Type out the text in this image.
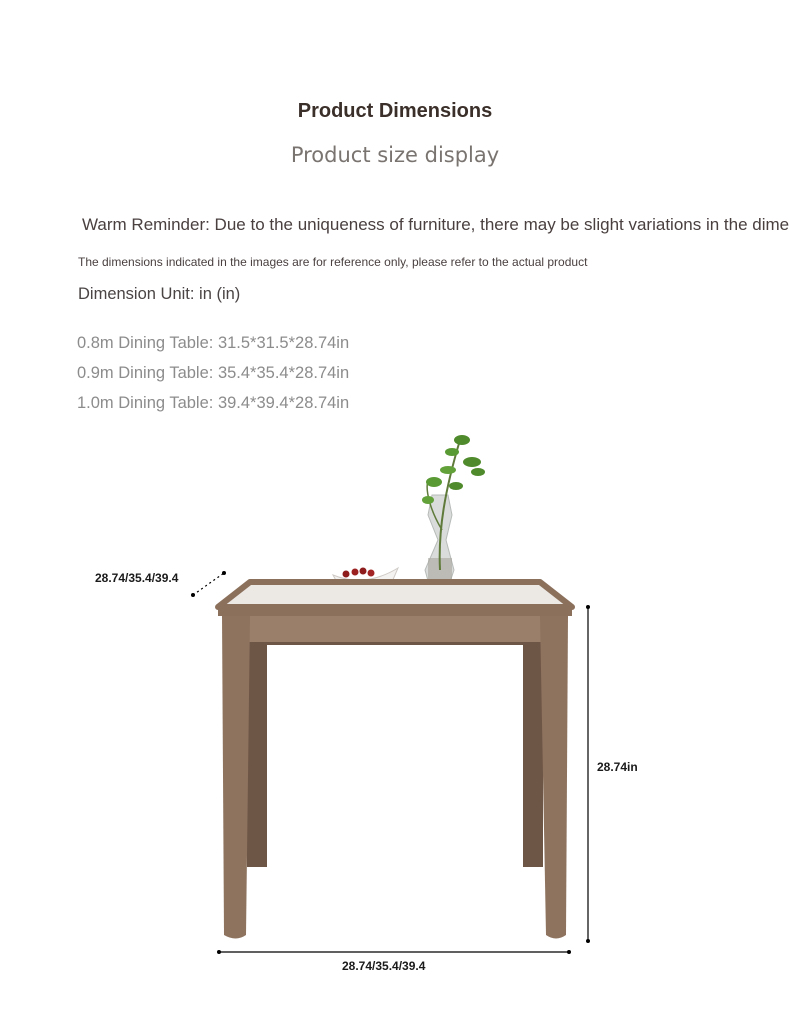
Product Dimensions
Product size display
Warm Reminder: Due to the uniqueness of furniture, there may be slight variations in the dime
The dimensions indicated in the images are for reference only, please refer to the actual product
Dimension Unit: in (in)
0.8m Dining Table: 31.5*31.5*28.74in
0.9m Dining Table: 35.4*35.4*28.74in
1.0m Dining Table: 39.4*39.4*28.74in
28.74/35.4/39.4
28.74in
28.74/35.4/39.4
